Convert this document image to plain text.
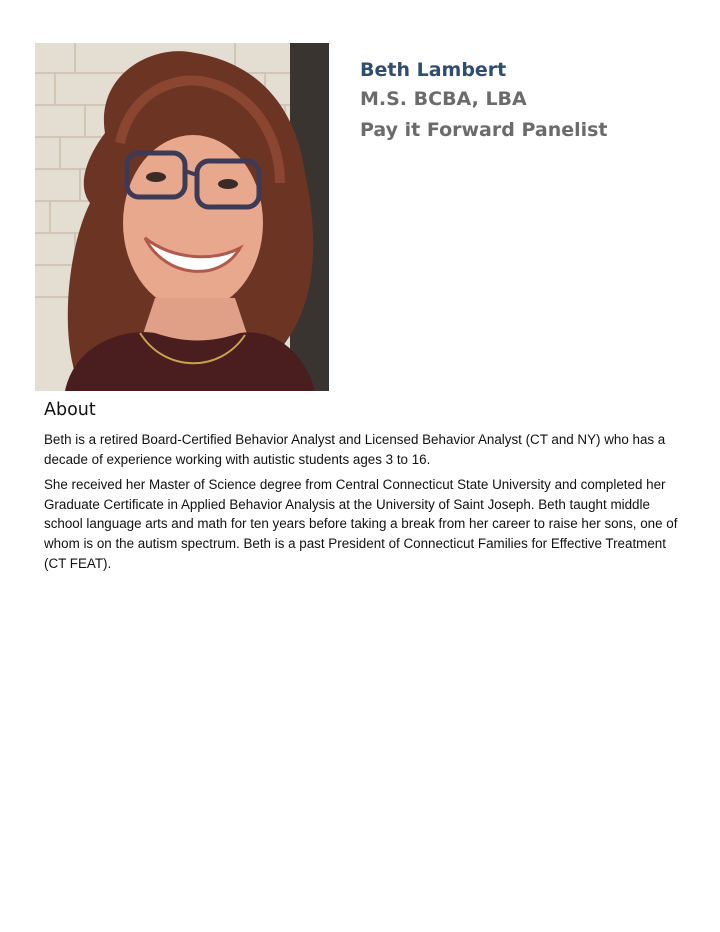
Beth Lambert

M.S. BCBA, LBA

Pay it Forward Panelist

About

Beth is a retired Board-Certified Behavior Analyst and Licensed Behavior Analyst (CT and NY) who has a decade of experience working with autistic students ages 3 to 16.

She received her Master of Science degree from Central Connecticut State University and completed her Graduate Certificate in Applied Behavior Analysis at the University of Saint Joseph. Beth taught middle school language arts and math for ten years before taking a break from her career to raise her sons, one of whom is on the autism spectrum. Beth is a past President of Connecticut Families for Effective Treatment (CT FEAT).
